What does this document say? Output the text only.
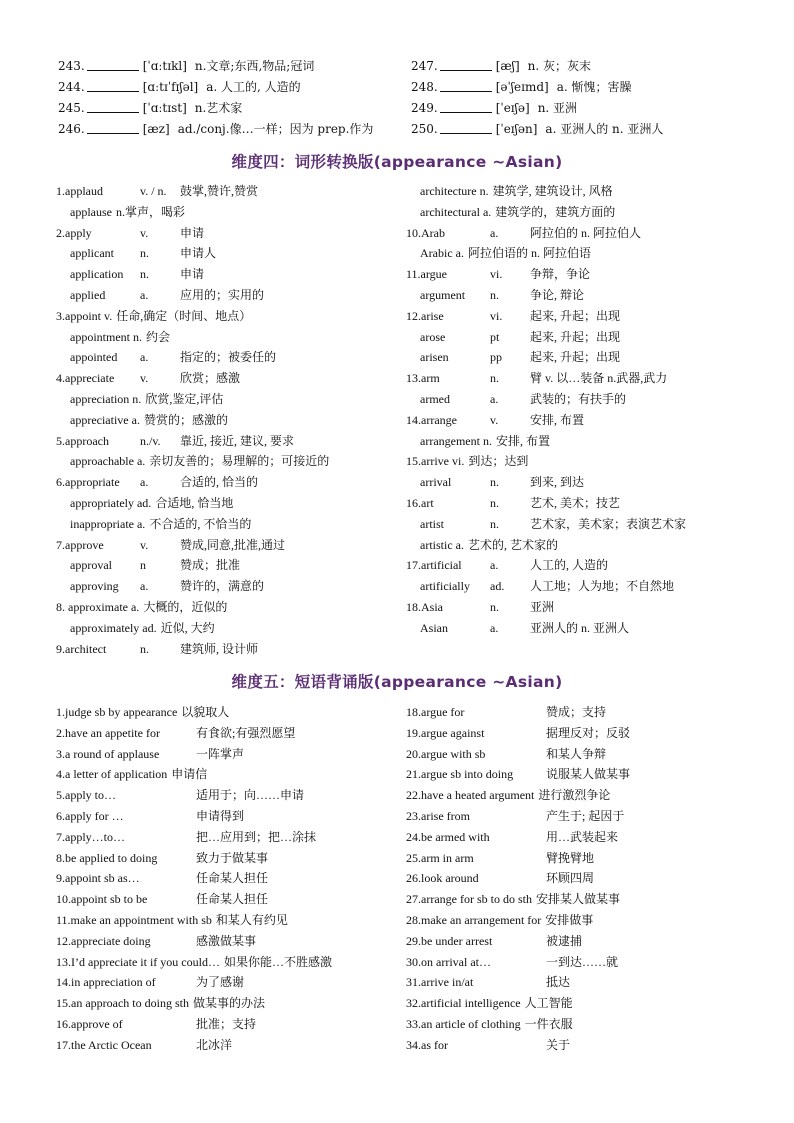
243.	[ˈɑːtɪkl] n.文章;东西,物品;冠词
244.	[ɑːtɪˈfɪʃəl] a. 人工的, 人造的
245.	[ˈɑːtɪst] n.艺术家
246.	[æz] ad./conj.像…一样；因为 prep.作为
247.	[æʃ] n. 灰；灰末
248.	[əˈʃeɪmd] a. 惭愧；害臊
249.	[ˈeɪʃə] n. 亚洲
250.	[ˈeɪʃən] a. 亚洲人的 n. 亚洲人
维度四：词形转换版(appearance ~Asian)
1.applaud	v. / n.	鼓掌,赞许,赞赏
applause n.掌声，喝彩
2.apply	v.	申请
applicant	n.	申请人
application	n.	申请
applied	a.	应用的；实用的
3.appoint v. 任命,确定（时间、地点）
appointment n. 约会
appointed	a.	指定的；被委任的
4.appreciate	v.	欣赏；感激
appreciation n. 欣赏,鉴定,评估
appreciative a. 赞赏的；感激的
5.approach	n./v.	靠近, 接近, 建议, 要求
approachable a. 亲切友善的；易理解的；可接近的
6.appropriate	a.	合适的, 恰当的
appropriately ad. 合适地, 恰当地
inappropriate a. 不合适的, 不恰当的
7.approve	v.	赞成,同意,批准,通过
approval	n	赞成；批准
approving	a.	赞许的，满意的
8. approximate a. 大概的，近似的
approximately ad. 近似, 大约
9.architect	n.	建筑师, 设计师
architecture n. 建筑学, 建筑设计, 风格
architectural a. 建筑学的，建筑方面的
10.Arab	a.	阿拉伯的 n. 阿拉伯人
Arabic a. 阿拉伯语的 n. 阿拉伯语
11.argue	vi.	争辩，争论
argument	n.	争论, 辩论
12.arise	vi.	起来, 升起；出现
arose	pt	起来, 升起；出现
arisen	pp	起来, 升起；出现
13.arm	n.	臂 v. 以…装备 n.武器,武力
armed	a.	武装的；有扶手的
14.arrange	v.	安排, 布置
arrangement n. 安排, 布置
15.arrive vi. 到达；达到
arrival	n.	到来, 到达
16.art	n.	艺术, 美术；技艺
artist	n.	艺术家，美术家；表演艺术家
artistic a. 艺术的, 艺术家的
17.artificial	a.	人工的, 人造的
artificially	ad.	人工地；人为地；不自然地
18.Asia	n.	亚洲
Asian	a.	亚洲人的 n. 亚洲人
维度五：短语背诵版(appearance ~Asian)
1.judge sb by appearance 以貌取人
2.have an appetite for	有食欲;有强烈愿望
3.a round of applause	一阵掌声
4.a letter of application 申请信
5.apply to…	适用于；向……申请
6.apply for …	申请得到
7.apply…to…	把…应用到；把…涂抹
8.be applied to doing	致力于做某事
9.appoint sb as…	任命某人担任
10.appoint sb to be	任命某人担任
11.make an appointment with sb 和某人有约见
12.appreciate doing	感激做某事
13.I’d appreciate it if you could… 如果你能…不胜感激
14.in appreciation of	为了感谢
15.an approach to doing sth 做某事的办法
16.approve of	批准；支持
17.the Arctic Ocean	北冰洋
18.argue for	赞成；支持
19.argue against	据理反对；反驳
20.argue with sb	和某人争辩
21.argue sb into doing	说服某人做某事
22.have a heated argument 进行激烈争论
23.arise from	产生于; 起因于
24.be armed with	用…武装起来
25.arm in arm	臂挽臂地
26.look around	环顾四周
27.arrange for sb to do sth 安排某人做某事
28.make an arrangement for 安排做事
29.be under arrest	被逮捕
30.on arrival at…	一到达……就
31.arrive in/at	抵达
32.artificial intelligence 人工智能
33.an article of clothing 一件衣服
34.as for	关于
